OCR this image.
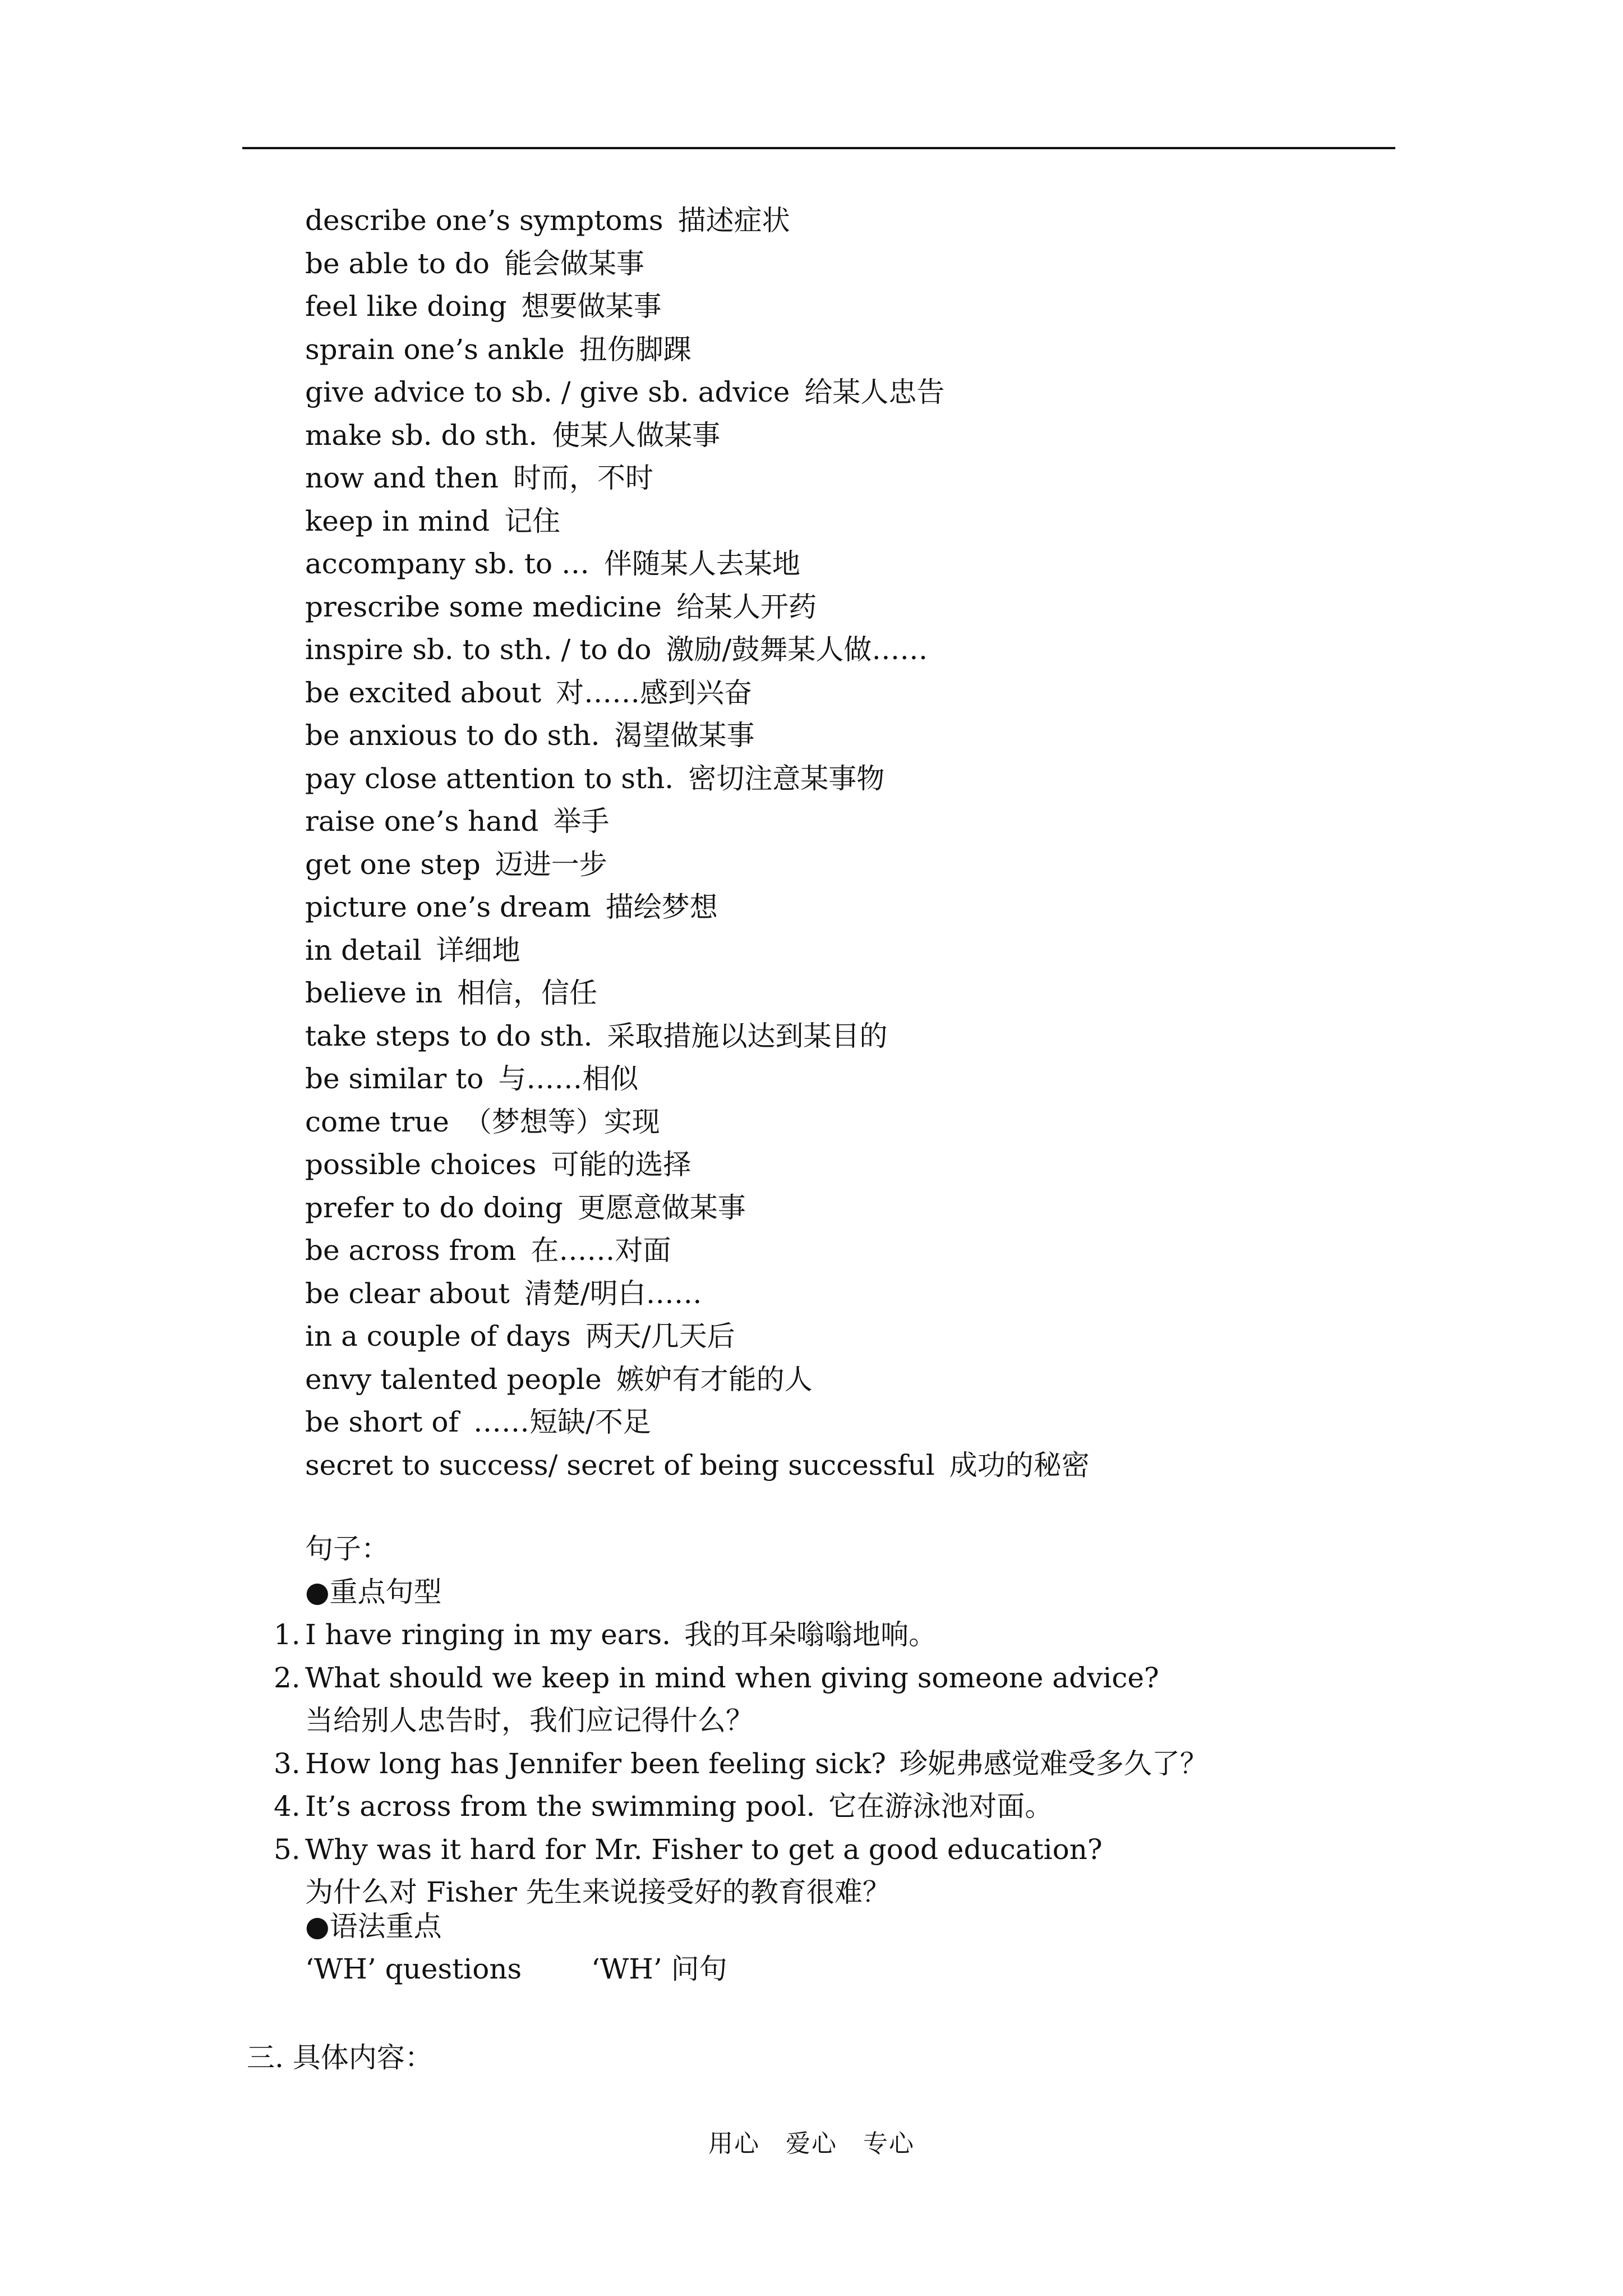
describe one’s symptoms 描述症状
be able to do 能会做某事
feel like doing 想要做某事
sprain one’s ankle 扭伤脚踝
give advice to sb. / give sb. advice 给某人忠告
make sb. do sth. 使某人做某事
now and then 时而，不时
keep in mind 记住
accompany sb. to … 伴随某人去某地
prescribe some medicine 给某人开药
inspire sb. to sth. / to do 激励/鼓舞某人做……
be excited about 对……感到兴奋
be anxious to do sth. 渴望做某事
pay close attention to sth. 密切注意某事物
raise one’s hand 举手
get one step 迈进一步
picture one’s dream 描绘梦想
in detail 详细地
believe in 相信，信任
take steps to do sth. 采取措施以达到某目的
be similar to 与……相似
come true （梦想等）实现
possible choices 可能的选择
prefer to do doing 更愿意做某事
be across from 在……对面
be clear about 清楚/明白……
in a couple of days 两天/几天后
envy talented people 嫉妒有才能的人
be short of ……短缺/不足
secret to success/ secret of being successful 成功的秘密
句子：
●重点句型
1. I have ringing in my ears. 我的耳朵嗡嗡地响。
2. What should we keep in mind when giving someone advice?
当给别人忠告时，我们应记得什么？
3. How long has Jennifer been feeling sick? 珍妮弗感觉难受多久了？
4. It’s across from the swimming pool. 它在游泳池对面。
5. Why was it hard for Mr. Fisher to get a good education?
为什么对 Fisher 先生来说接受好的教育很难？
●语法重点
‘WH’ questions ‘WH’ 问句
三. 具体内容：
用心　爱心　专心
